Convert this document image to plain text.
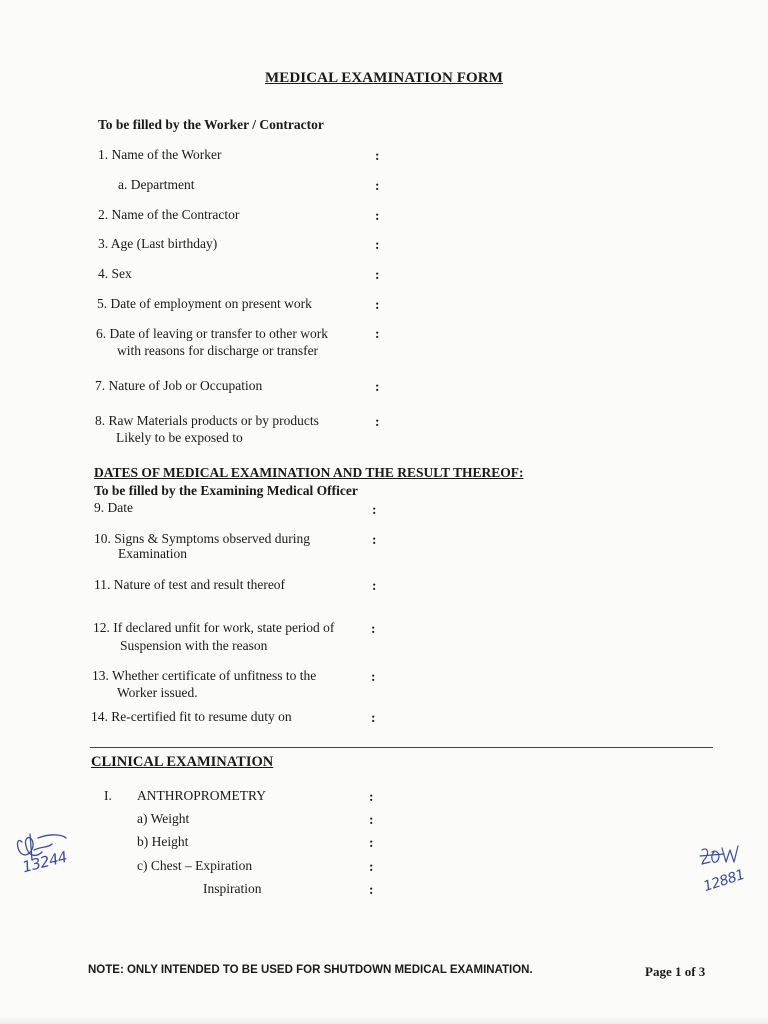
MEDICAL EXAMINATION FORM
To be filled by the Worker / Contractor
1. Name of the Worker	:
a. Department	:
2. Name of the Contractor	:
3. Age (Last birthday)	:
4. Sex	:
5. Date of employment on present work	:
6. Date of leaving or transfer to other work
with reasons for discharge or transfer
:
7. Nature of Job or Occupation	:
8. Raw Materials products or by products
Likely to be exposed to
:
DATES OF MEDICAL EXAMINATION AND THE RESULT THEREOF:
To be filled by the Examining Medical Officer
9. Date	:
10. Signs & Symptoms observed during
Examination
:
11. Nature of test and result thereof	:
12. If declared unfit for work, state period of
Suspension with the reason
:
13. Whether certificate of unfitness to the
Worker issued.
:
14. Re-certified fit to resume duty on	:
CLINICAL EXAMINATION
I. ANTHROPROMETRY	:
a) Weight	:
b) Height	:
c) Chest – Expiration	:
Inspiration	:
13244
12881
NOTE: ONLY INTENDED TO BE USED FOR SHUTDOWN MEDICAL EXAMINATION.	Page 1 of 3
